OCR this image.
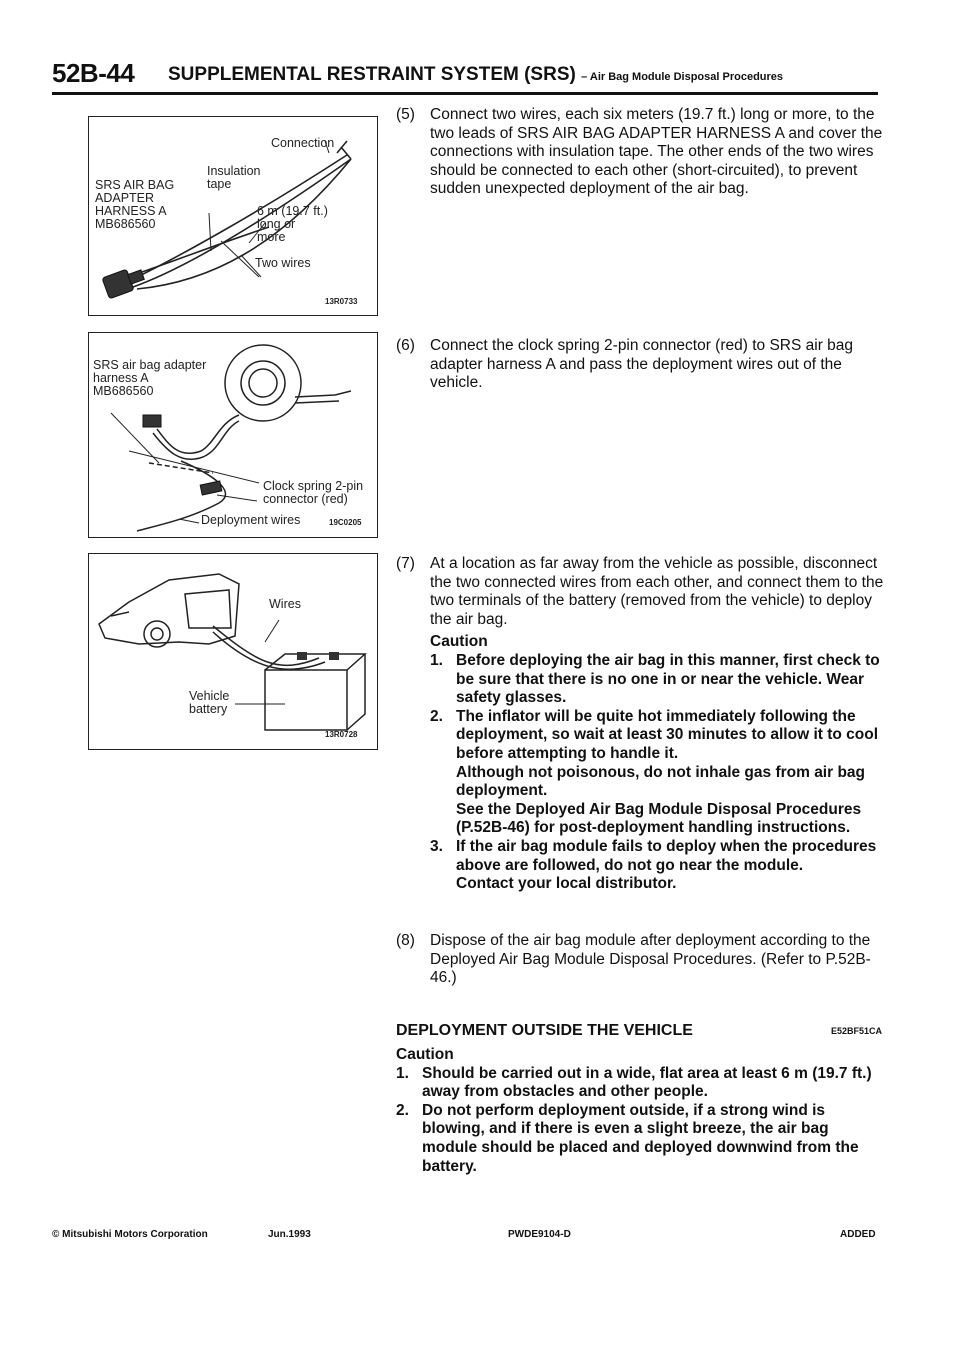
52B-44 SUPPLEMENTAL RESTRAINT SYSTEM (SRS) – Air Bag Module Disposal Procedures
Connection
Insulation
tape
SRS AIR BAG
ADAPTER
HARNESS A
MB686560
6 m (19.7 ft.)
long or
more
Two wires
13R0733
SRS air bag adapter
harness A
MB686560
Clock spring 2-pin
connector (red)
Deployment wires	19C0205
Wires
Vehicle
battery
13R0728
(5) Connect two wires, each six meters (19.7 ft.) long or more, to the two leads of SRS AIR BAG ADAPTER HARNESS A and cover the connections with insulation tape. The other ends of the two wires should be connected to each other (short-circuited), to prevent sudden unexpected deployment of the air bag.
(6) Connect the clock spring 2-pin connector (red) to SRS air bag adapter harness A and pass the deployment wires out of the vehicle.
(7) At a location as far away from the vehicle as possible, disconnect the two connected wires from each other, and connect them to the two terminals of the battery (removed from the vehicle) to deploy the air bag.
Caution
1. Before deploying the air bag in this manner, first check to be sure that there is no one in or near the vehicle. Wear safety glasses.
2. The inflator will be quite hot immediately following the deployment, so wait at least 30 minutes to allow it to cool before attempting to handle it.
Although not poisonous, do not inhale gas from air bag deployment.
See the Deployed Air Bag Module Disposal Procedures (P.52B-46) for post-deployment handling instructions.
3. If the air bag module fails to deploy when the procedures above are followed, do not go near the module.
Contact your local distributor.
(8) Dispose of the air bag module after deployment according to the Deployed Air Bag Module Disposal Procedures. (Refer to P.52B-46.)
DEPLOYMENT OUTSIDE THE VEHICLE	E52BF51CA
Caution
1. Should be carried out in a wide, flat area at least 6 m (19.7 ft.) away from obstacles and other people.
2. Do not perform deployment outside, if a strong wind is blowing, and if there is even a slight breeze, the air bag module should be placed and deployed downwind from the battery.
© Mitsubishi Motors Corporation	Jun.1993	PWDE9104-D	ADDED
